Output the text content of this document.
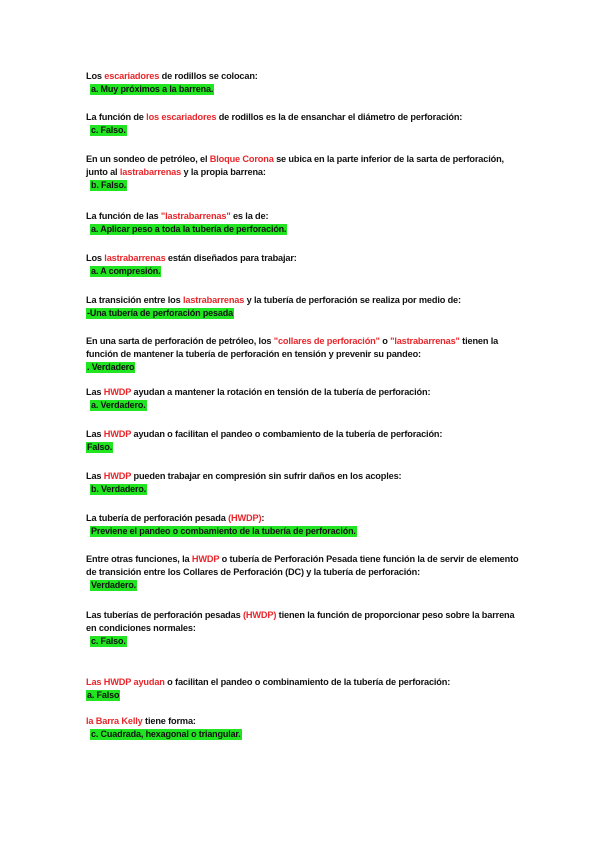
Los escariadores de rodillos se colocan:
a. Muy próximos a la barrena.
La función de los escariadores de rodillos es la de ensanchar el diámetro de perforación:
c. Falso.
En un sondeo de petróleo, el Bloque Corona se ubica en la parte inferior de la sarta de perforación, junto al lastrabarrenas y la propia barrena:
b. Falso.
La función de las "lastrabarrenas" es la de:
a. Aplicar peso a toda la tubería de perforación.
Los lastrabarrenas están diseñados para trabajar:
a. A compresión.
La transición entre los lastrabarrenas y la tubería de perforación se realiza por medio de:
-Una tubería de perforación pesada
En una sarta de perforación de petróleo, los "collares de perforación" o "lastrabarrenas" tienen la función de mantener la tubería de perforación en tensión y prevenir su pandeo:
. Verdadero
Las HWDP ayudan a mantener la rotación en tensión de la tubería de perforación:
a. Verdadero.
Las HWDP ayudan o facilitan el pandeo o combamiento de la tubería de perforación:
Falso.
Las HWDP pueden trabajar en compresión sin sufrir daños en los acoples:
b. Verdadero.
La tubería de perforación pesada (HWDP):
Previene el pandeo o combamiento de la tubería de perforación.
Entre otras funciones, la HWDP o tubería de Perforación Pesada tiene función la de servir de elemento de transición entre los Collares de Perforación (DC) y la tubería de perforación:
Verdadero.
Las tuberías de perforación pesadas (HWDP) tienen la función de proporcionar peso sobre la barrena en condiciones normales:
c. Falso.
Las HWDP ayudan o facilitan el pandeo o combinamiento de la tubería de perforación:
a. Falso
la Barra Kelly tiene forma:
c. Cuadrada, hexagonal o triangular.
